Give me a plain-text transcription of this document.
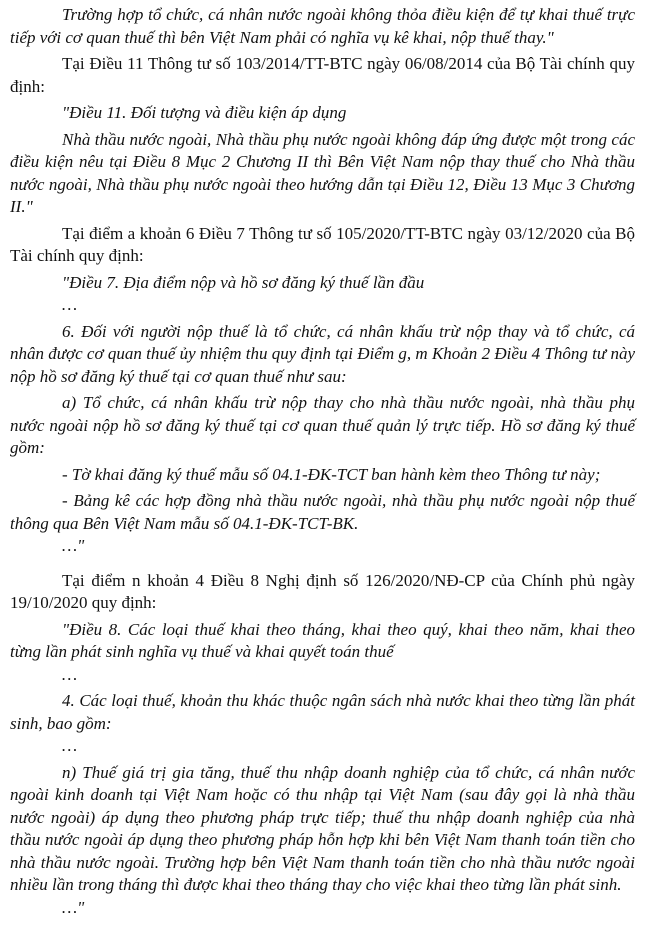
Trường hợp tổ chức, cá nhân nước ngoài không thỏa điều kiện để tự khai thuế trực tiếp với cơ quan thuế thì bên Việt Nam phải có nghĩa vụ kê khai, nộp thuế thay."

Tại Điều 11 Thông tư số 103/2014/TT-BTC ngày 06/08/2014 của Bộ Tài chính quy định:

"Điều 11. Đối tượng và điều kiện áp dụng

Nhà thầu nước ngoài, Nhà thầu phụ nước ngoài không đáp ứng được một trong các điều kiện nêu tại Điều 8 Mục 2 Chương II thì Bên Việt Nam nộp thay thuế cho Nhà thầu nước ngoài, Nhà thầu phụ nước ngoài theo hướng dẫn tại Điều 12, Điều 13 Mục 3 Chương II."

Tại điểm a khoản 6 Điều 7 Thông tư số 105/2020/TT-BTC ngày 03/12/2020 của Bộ Tài chính quy định:

"Điều 7. Địa điểm nộp và hồ sơ đăng ký thuế lần đầu

…

6. Đối với người nộp thuế là tổ chức, cá nhân khấu trừ nộp thay và tổ chức, cá nhân được cơ quan thuế ủy nhiệm thu quy định tại Điểm g, m Khoản 2 Điều 4 Thông tư này nộp hồ sơ đăng ký thuế tại cơ quan thuế như sau:

a) Tổ chức, cá nhân khấu trừ nộp thay cho nhà thầu nước ngoài, nhà thầu phụ nước ngoài nộp hồ sơ đăng ký thuế tại cơ quan thuế quản lý trực tiếp. Hồ sơ đăng ký thuế gồm:

- Tờ khai đăng ký thuế mẫu số 04.1-ĐK-TCT ban hành kèm theo Thông tư này;

- Bảng kê các hợp đồng nhà thầu nước ngoài, nhà thầu phụ nước ngoài nộp thuế thông qua Bên Việt Nam mẫu số 04.1-ĐK-TCT-BK.

…"

Tại điểm n khoản 4 Điều 8 Nghị định số 126/2020/NĐ-CP của Chính phủ ngày 19/10/2020 quy định:

"Điều 8. Các loại thuế khai theo tháng, khai theo quý, khai theo năm, khai theo từng lần phát sinh nghĩa vụ thuế và khai quyết toán thuế

…

4. Các loại thuế, khoản thu khác thuộc ngân sách nhà nước khai theo từng lần phát sinh, bao gồm:

…

n) Thuế giá trị gia tăng, thuế thu nhập doanh nghiệp của tổ chức, cá nhân nước ngoài kinh doanh tại Việt Nam hoặc có thu nhập tại Việt Nam (sau đây gọi là nhà thầu nước ngoài) áp dụng theo phương pháp trực tiếp; thuế thu nhập doanh nghiệp của nhà thầu nước ngoài áp dụng theo phương pháp hỗn hợp khi bên Việt Nam thanh toán tiền cho nhà thầu nước ngoài. Trường hợp bên Việt Nam thanh toán tiền cho nhà thầu nước ngoài nhiều lần trong tháng thì được khai theo tháng thay cho việc khai theo từng lần phát sinh.

…"
